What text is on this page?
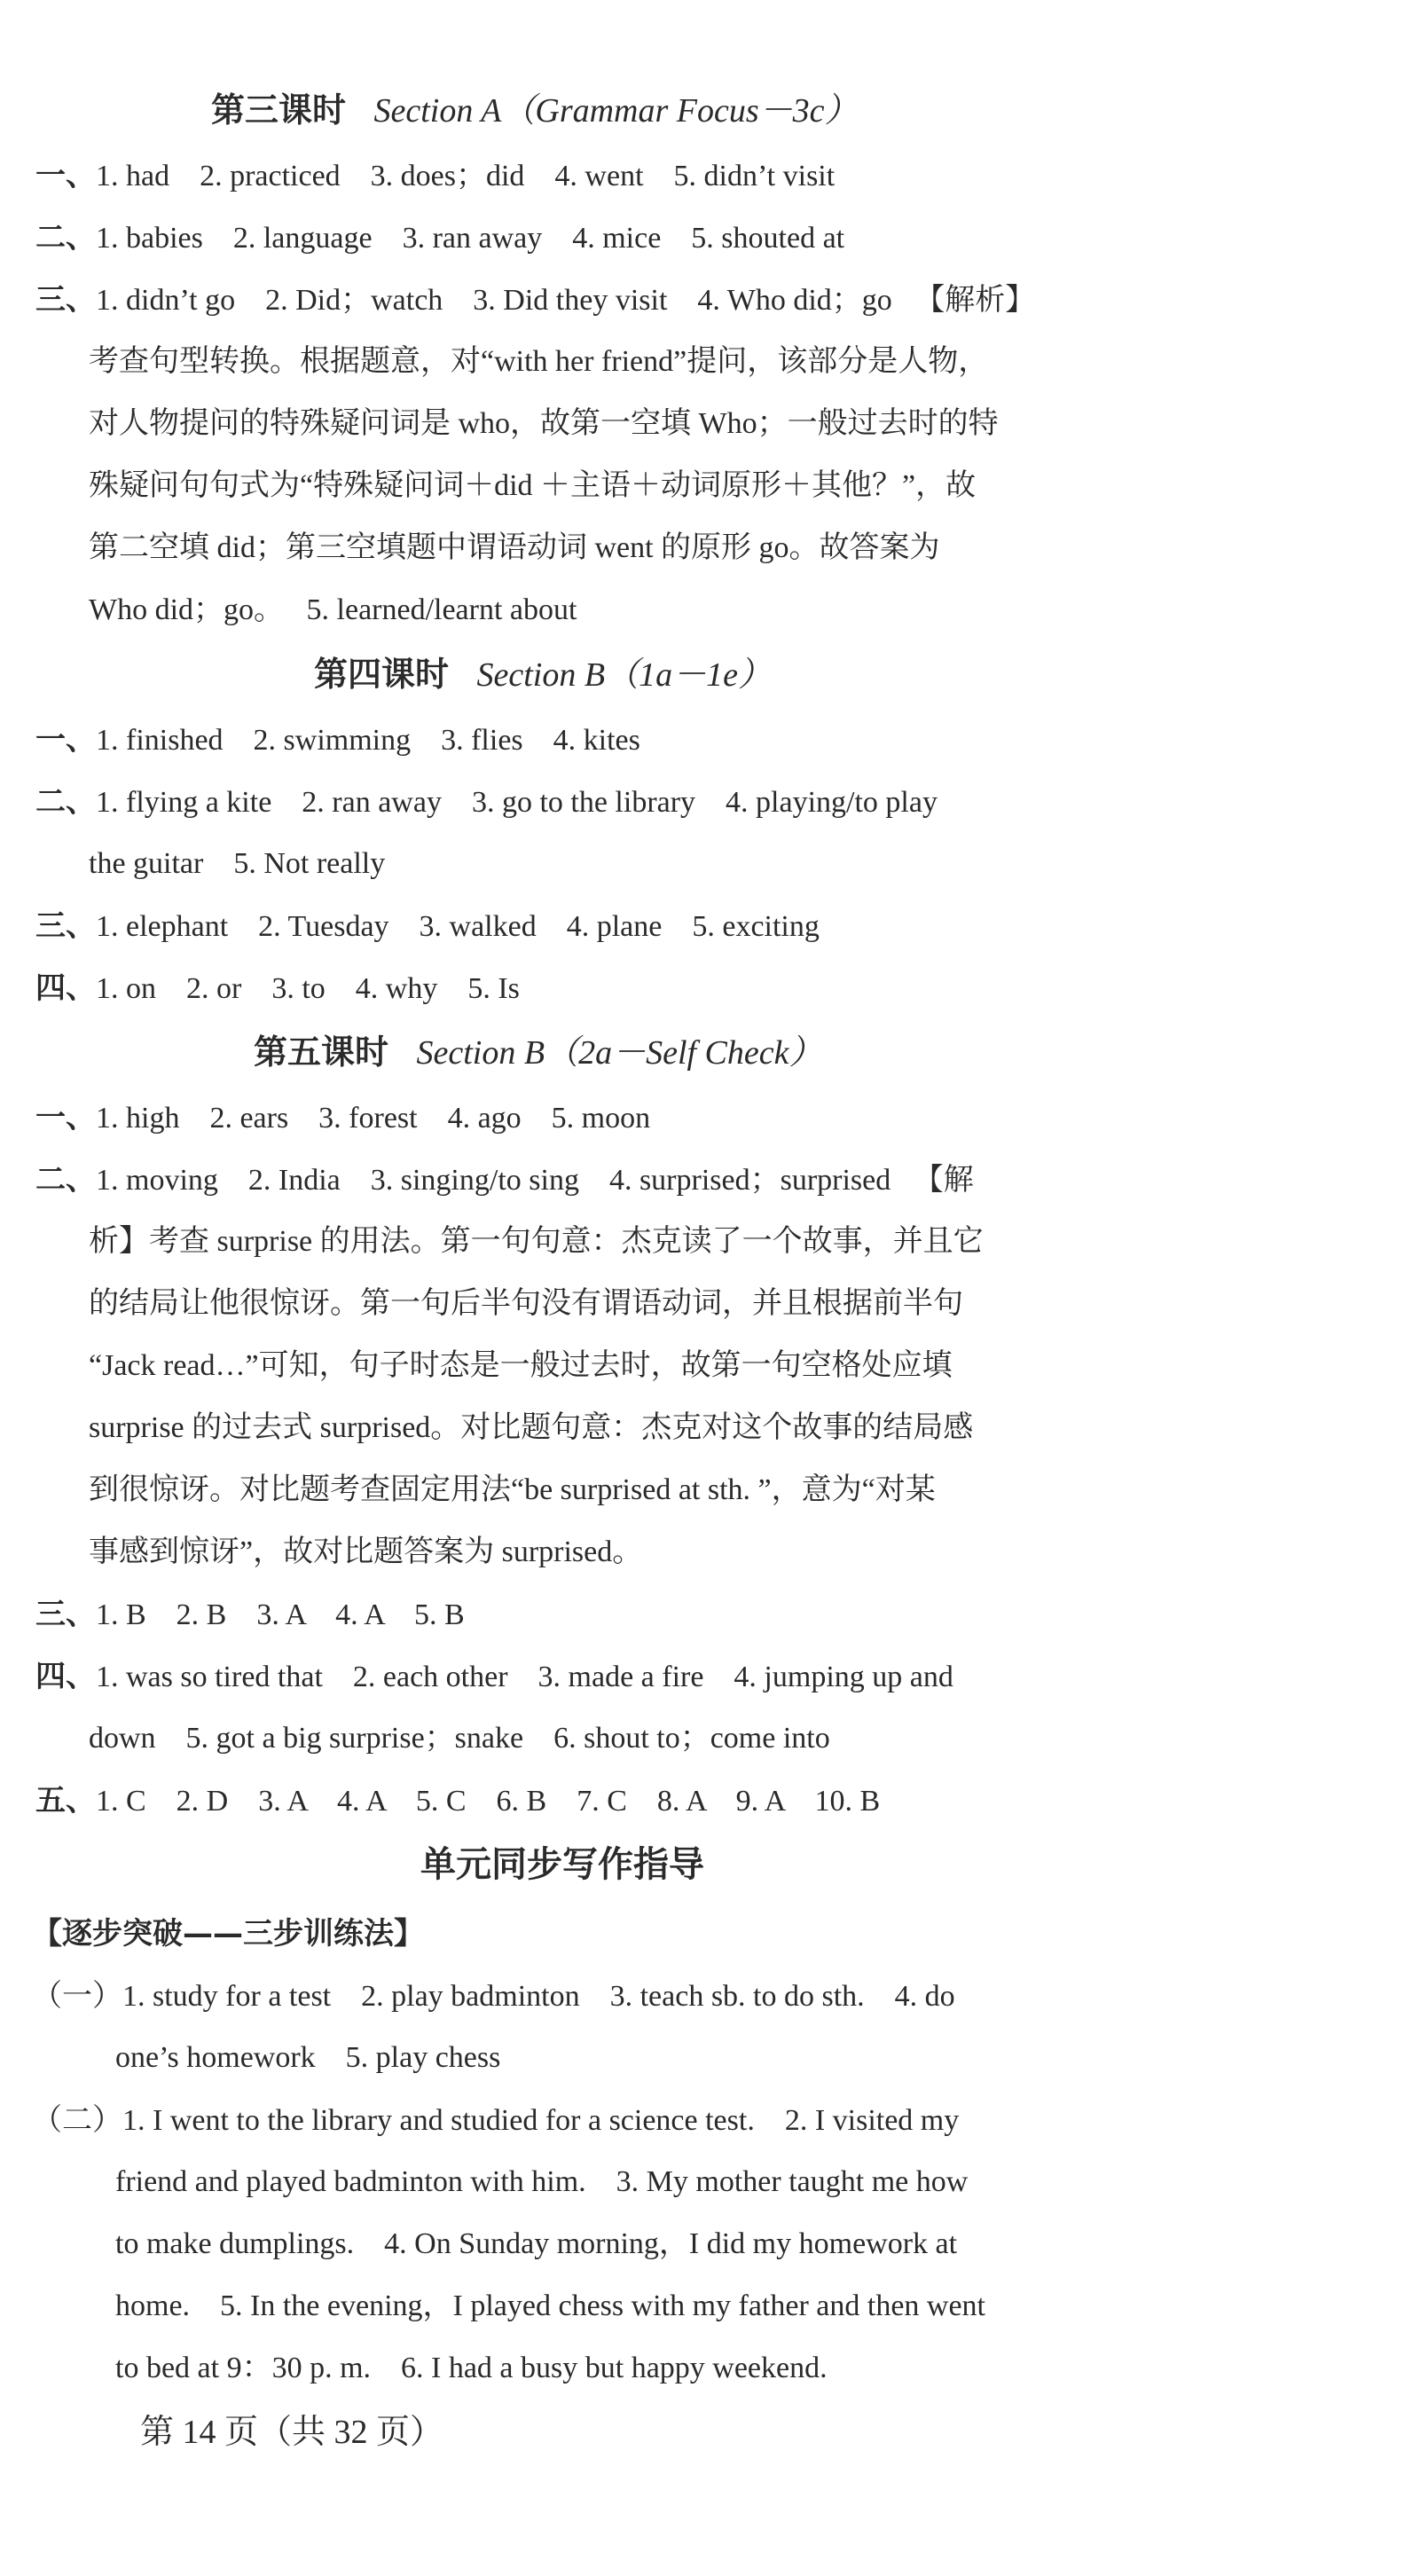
第三课时 Section A（Grammar Focus－3c）
一、1. had    2. practiced    3. does；did    4. went    5. didn’t visit
二、1. babies    2. language    3. ran away    4. mice    5. shouted at
三、1. didn’t go    2. Did；watch    3. Did they visit    4. Who did；go   【解析】
考查句型转换。根据题意，对“with her friend”提问，该部分是人物，
对人物提问的特殊疑问词是 who，故第一空填 Who；一般过去时的特
殊疑问句句式为“特殊疑问词＋did ＋主语＋动词原形＋其他？”，故
第二空填 did；第三空填题中谓语动词 went 的原形 go。故答案为
Who did；go。   5. learned/learnt about
第四课时 Section B（1a－1e）
一、1. finished    2. swimming    3. flies    4. kites
二、1. flying a kite    2. ran away    3. go to the library    4. playing/to play
the guitar    5. Not really
三、1. elephant    2. Tuesday    3. walked    4. plane    5. exciting
四、1. on    2. or    3. to    4. why    5. Is
第五课时 Section B（2a－Self Check）
一、1. high    2. ears    3. forest    4. ago    5. moon
二、1. moving    2. India    3. singing/to sing    4. surprised；surprised   【解
析】考查 surprise 的用法。第一句句意：杰克读了一个故事，并且它
的结局让他很惊讶。第一句后半句没有谓语动词，并且根据前半句
“Jack read…”可知，句子时态是一般过去时，故第一句空格处应填
surprise 的过去式 surprised。对比题句意：杰克对这个故事的结局感
到很惊讶。对比题考查固定用法“be surprised at sth. ”，意为“对某
事感到惊讶”，故对比题答案为 surprised。
三、1. B    2. B    3. A    4. A    5. B
四、1. was so tired that    2. each other    3. made a fire    4. jumping up and
down    5. got a big surprise；snake    6. shout to；come into
五、1. C    2. D    3. A    4. A    5. C    6. B    7. C    8. A    9. A    10. B
单元同步写作指导
【逐步突破——三步训练法】
（一）1. study for a test    2. play badminton    3. teach sb. to do sth.    4. do
one’s homework    5. play chess
（二）1. I went to the library and studied for a science test.    2. I visited my
friend and played badminton with him.    3. My mother taught me how
to make dumplings.    4. On Sunday morning，I did my homework at
home.    5. In the evening，I played chess with my father and then went
to bed at 9：30 p. m.    6. I had a busy but happy weekend.
第 14 页（共 32 页）
